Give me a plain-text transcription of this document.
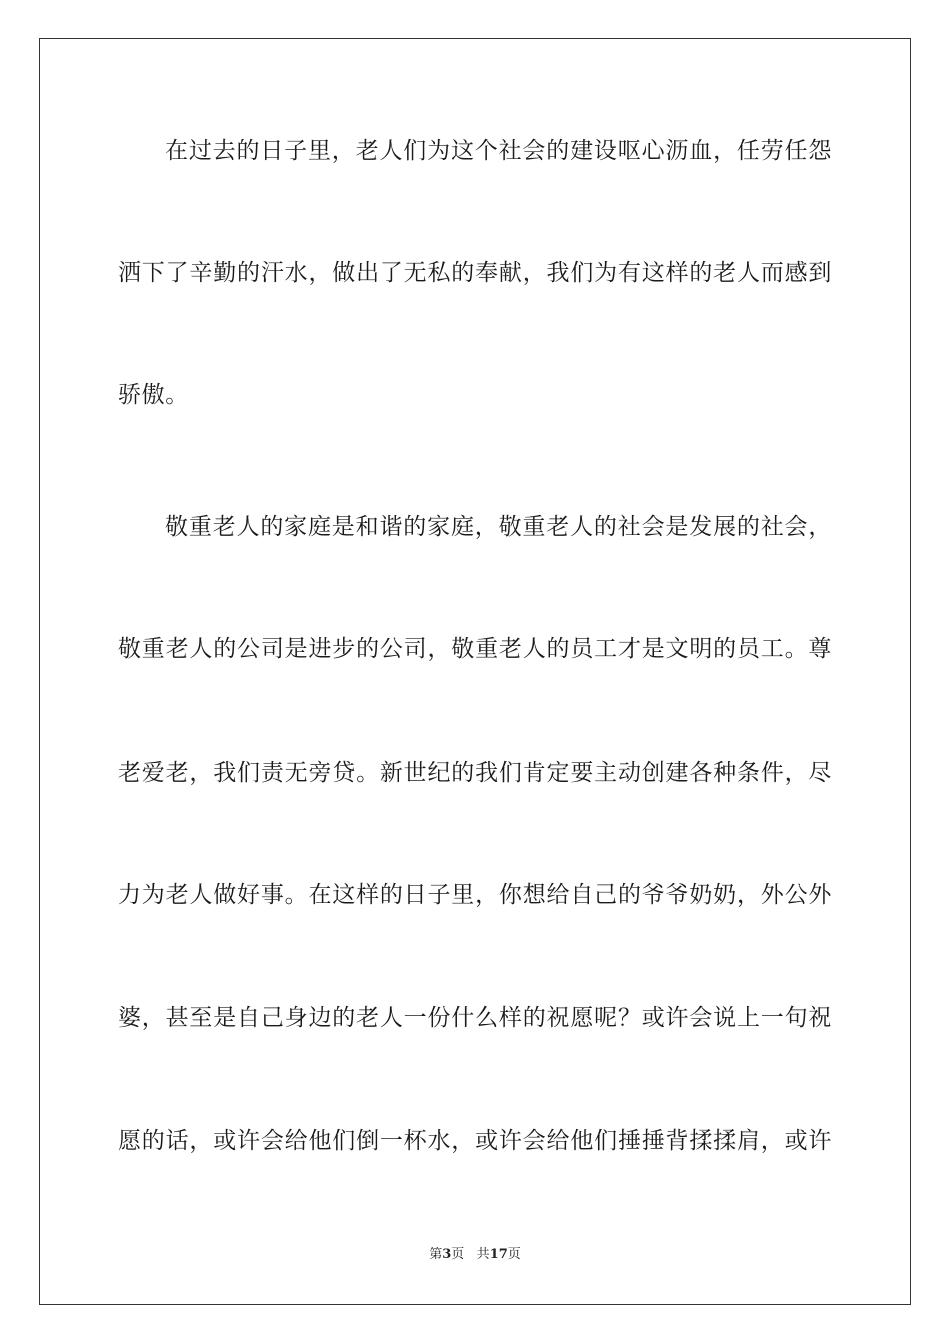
在过去的日子里，老人们为这个社会的建设呕心沥血，任劳任怨
洒下了辛勤的汗水，做出了无私的奉献，我们为有这样的老人而感到
骄傲。
敬重老人的家庭是和谐的家庭，敬重老人的社会是发展的社会，
敬重老人的公司是进步的公司，敬重老人的员工才是文明的员工。尊
老爱老，我们责无旁贷。新世纪的我们肯定要主动创建各种条件，尽
力为老人做好事。在这样的日子里，你想给自己的爷爷奶奶，外公外
婆，甚至是自己身边的老人一份什么样的祝愿呢？或许会说上一句祝
愿的话，或许会给他们倒一杯水，或许会给他们捶捶背揉揉肩，或许
第3页 共17页
